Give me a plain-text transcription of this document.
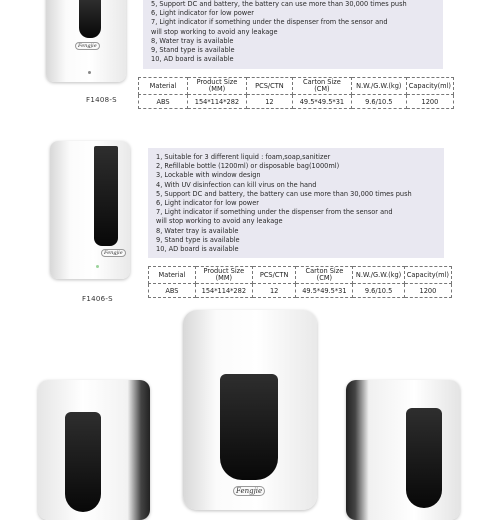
Fengjie
5, Support DC and battery, the battery can use more than 30,000 times push
6, Light indicator for low power
7, Light indicator if something under the dispenser from the sensor and
will stop working to avoid any leakage
8, Water tray is available
9, Stand type is available
10, AD board is available
F1408-S
Material	Product Size (MM)	PCS/CTN	Carton Size (CM)	N.W./G.W.(kg)	Capacity(ml)
ABS	154*114*282	12	49.5*49.5*31	9.6/10.5	1200
Fengjie
1, Suitable for 3 different liquid : foam,soap,sanitizer
2, Refillable bottle (1200ml) or disposable bag(1000ml)
3, Lockable with window design
4, With UV disinfection can kill virus on the hand
5, Support DC and battery, the battery can use more than 30,000 times push
6, Light indicator for low power
7, Light indicator if something under the dispenser from the sensor and
will stop working to avoid any leakage
8, Water tray is available
9, Stand type is available
10, AD board is available
F1406-S
Material	Product Size (MM)	PCS/CTN	Carton Size (CM)	N.W./G.W.(kg)	Capacity(ml)
ABS	154*114*282	12	49.5*49.5*31	9.6/10.5	1200
Fengjie
